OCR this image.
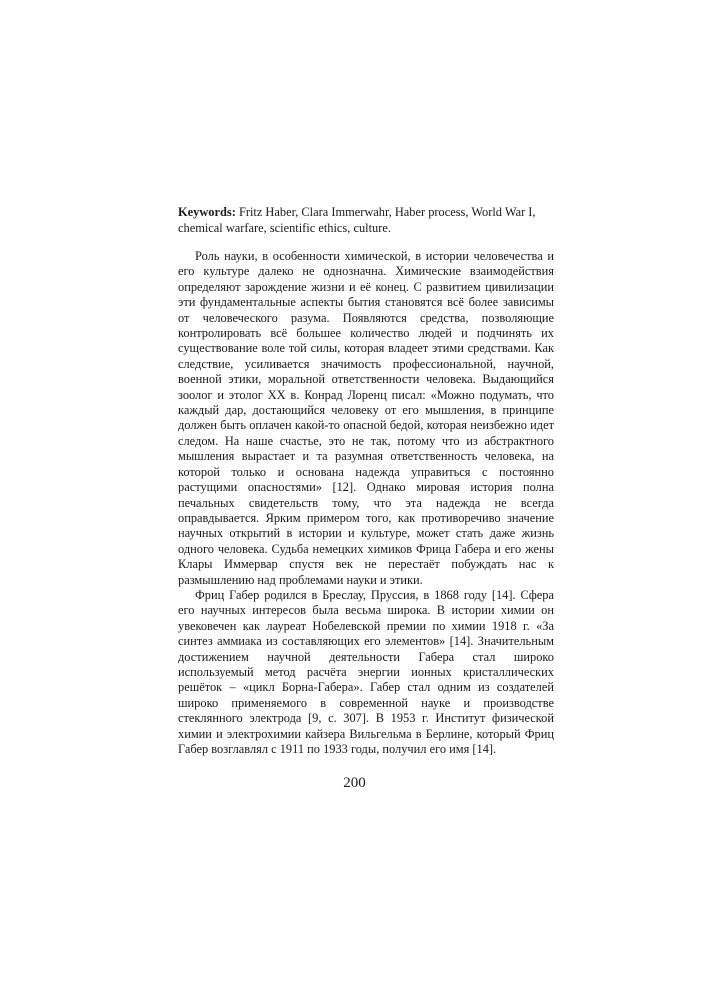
Keywords: Fritz Haber, Clara Immerwahr, Haber process, World War I, chemical warfare, scientific ethics, culture.

Роль науки, в особенности химической, в истории человечества и его культуре далеко не однозначна. Химические взаимодействия определяют зарождение жизни и её конец. С развитием цивилизации эти фундаментальные аспекты бытия становятся всё более зависимы от человеческого разума. Появляются средства, позволяющие контролировать всё большее количество людей и подчинять их существование воле той силы, которая владеет этими средствами. Как следствие, усиливается значимость профессиональной, научной, военной этики, моральной ответственности человека. Выдающийся зоолог и этолог XX в. Конрад Лоренц писал: «Можно подумать, что каждый дар, достающийся человеку от его мышления, в принципе должен быть оплачен какой-то опасной бедой, которая неизбежно идет следом. На наше счастье, это не так, потому что из абстрактного мышления вырастает и та разумная ответственность человека, на которой только и основана надежда управиться с постоянно растущими опасностями» [12]. Однако мировая история полна печальных свидетельств тому, что эта надежда не всегда оправдывается. Ярким примером того, как противоречиво значение научных открытий в истории и культуре, может стать даже жизнь одного человека. Судьба немецких химиков Фрица Габера и его жены Клары Иммервар спустя век не перестаёт побуждать нас к размышлению над проблемами науки и этики.

Фриц Габер родился в Бреслау, Пруссия, в 1868 году [14]. Сфера его научных интересов была весьма широка. В истории химии он увековечен как лауреат Нобелевской премии по химии 1918 г. «За синтез аммиака из составляющих его элементов» [14]. Значительным достижением научной деятельности Габера стал широко используемый метод расчёта энергии ионных кристаллических решёток – «цикл Борна-Габера». Габер стал одним из создателей широко применяемого в современной науке и производстве стеклянного электрода [9, с. 307]. В 1953 г. Институт физической химии и электрохимии кайзера Вильгельма в Берлине, который Фриц Габер возглавлял с 1911 по 1933 годы, получил его имя [14].

200
